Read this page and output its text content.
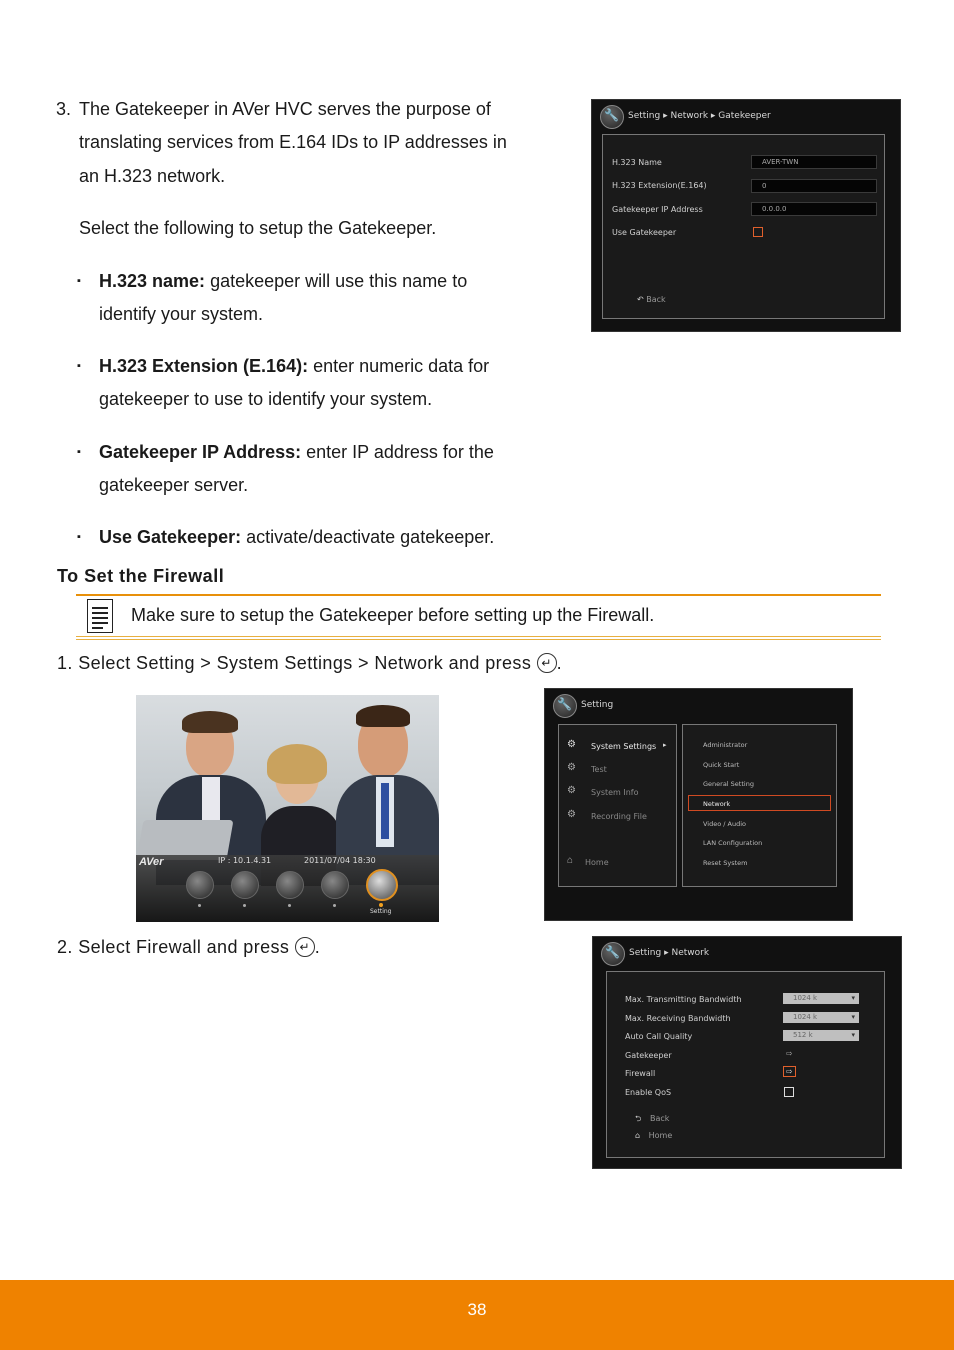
3. The Gatekeeper in AVer HVC serves the purpose of
translating services from E.164 IDs to IP addresses in
an H.323 network.
Select the following to setup the Gatekeeper.
▪ H.323 name: gatekeeper will use this name to
identify your system.
▪ H.323 Extension (E.164): enter numeric data for
gatekeeper to use to identify your system.
▪ Gatekeeper IP Address: enter IP address for the
gatekeeper server.
▪ Use Gatekeeper: activate/deactivate gatekeeper.
To Set the Firewall
Make sure to setup the Gatekeeper before setting up the Firewall.
1. Select Setting > System Settings > Network and press ↵ .
2. Select Firewall and press ↵ .
🔧
Setting ▸ Network ▸ Gatekeeper
H.323 Name	AVER-TWN
H.323 Extension(E.164)	0
Gatekeeper IP Address	0.0.0.0
Use Gatekeeper
↶ Back
AVer	IP : 10.1.4.31	2011/07/04 18:30
Setting
🔧
Setting
⚙ System Settings ▸
⚙ Test
⚙ System Info
⚙ Recording File
⌂ Home
Administrator
Quick Start
General Setting
Network
Video / Audio
LAN Configuration
Reset System
🔧
Setting ▸ Network
Max. Transmitting Bandwidth	1024 k ▾
Max. Receiving Bandwidth	1024 k ▾
Auto Call Quality	512 k ▾
Gatekeeper	⇨
Firewall	⇨
Enable QoS
⮌ Back
⌂ Home
38
